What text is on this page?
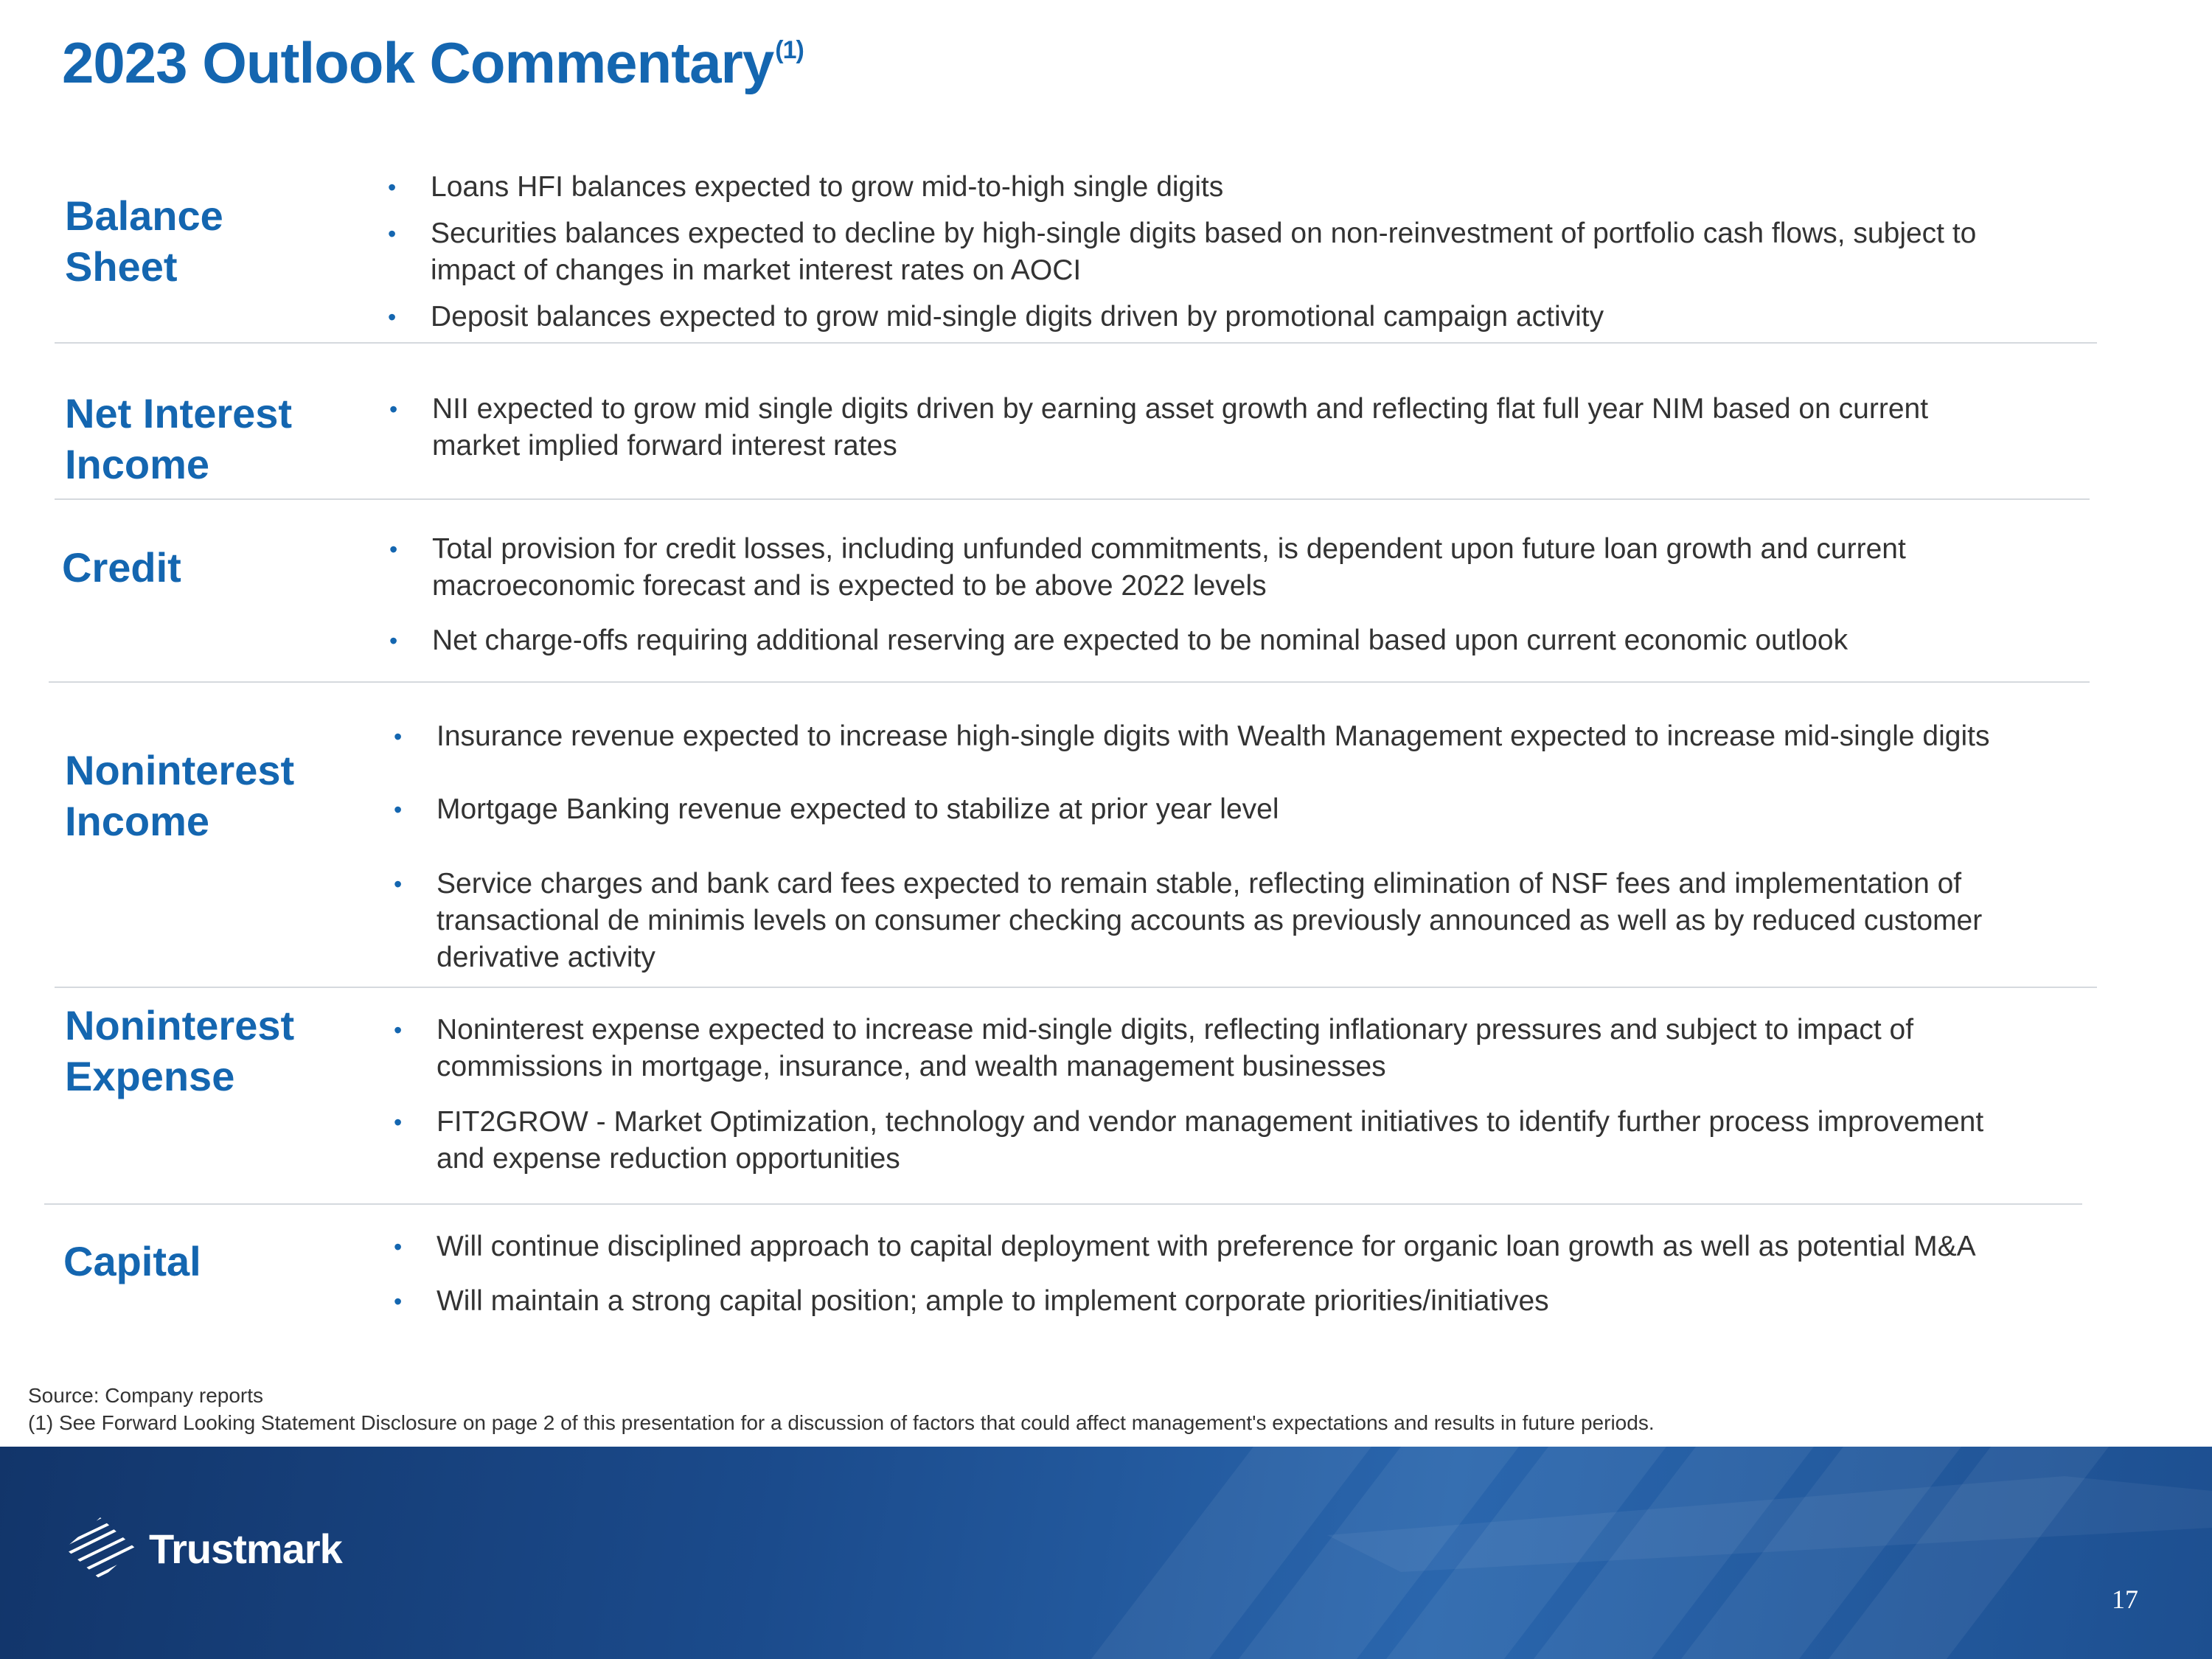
2023 Outlook Commentary$^{(1)}$
Balance
Sheet
• Loans HFI balances expected to grow mid-to-high single digits
• Securities balances expected to decline by high-single digits based on non-reinvestment of portfolio cash flows, subject to
impact of changes in market interest rates on AOCI
• Deposit balances expected to grow mid-single digits driven by promotional campaign activity
Net Interest
Income
• NII expected to grow mid single digits driven by earning asset growth and reflecting flat full year NIM based on current
market implied forward interest rates
Credit	• Total provision for credit losses, including unfunded commitments, is dependent upon future loan growth and current
macroeconomic forecast and is expected to be above 2022 levels
• Net charge-offs requiring additional reserving are expected to be nominal based upon current economic outlook
Noninterest
Income
• Insurance revenue expected to increase high-single digits with Wealth Management expected to increase mid-single digits
• Mortgage Banking revenue expected to stabilize at prior year level
• Service charges and bank card fees expected to remain stable, reflecting elimination of NSF fees and implementation of
transactional de minimis levels on consumer checking accounts as previously announced as well as by reduced customer
derivative activity
Noninterest
Expense
• Noninterest expense expected to increase mid-single digits, reflecting inflationary pressures and subject to impact of
commissions in mortgage, insurance, and wealth management businesses
• FIT2GROW - Market Optimization, technology and vendor management initiatives to identify further process improvement
and expense reduction opportunities
Capital	• Will continue disciplined approach to capital deployment with preference for organic loan growth as well as potential M&A
• Will maintain a strong capital position; ample to implement corporate priorities/initiatives
Source: Company reports
(1) See Forward Looking Statement Disclosure on page 2 of this presentation for a discussion of factors that could affect management's expectations and results in future periods.
Trustmark
17
